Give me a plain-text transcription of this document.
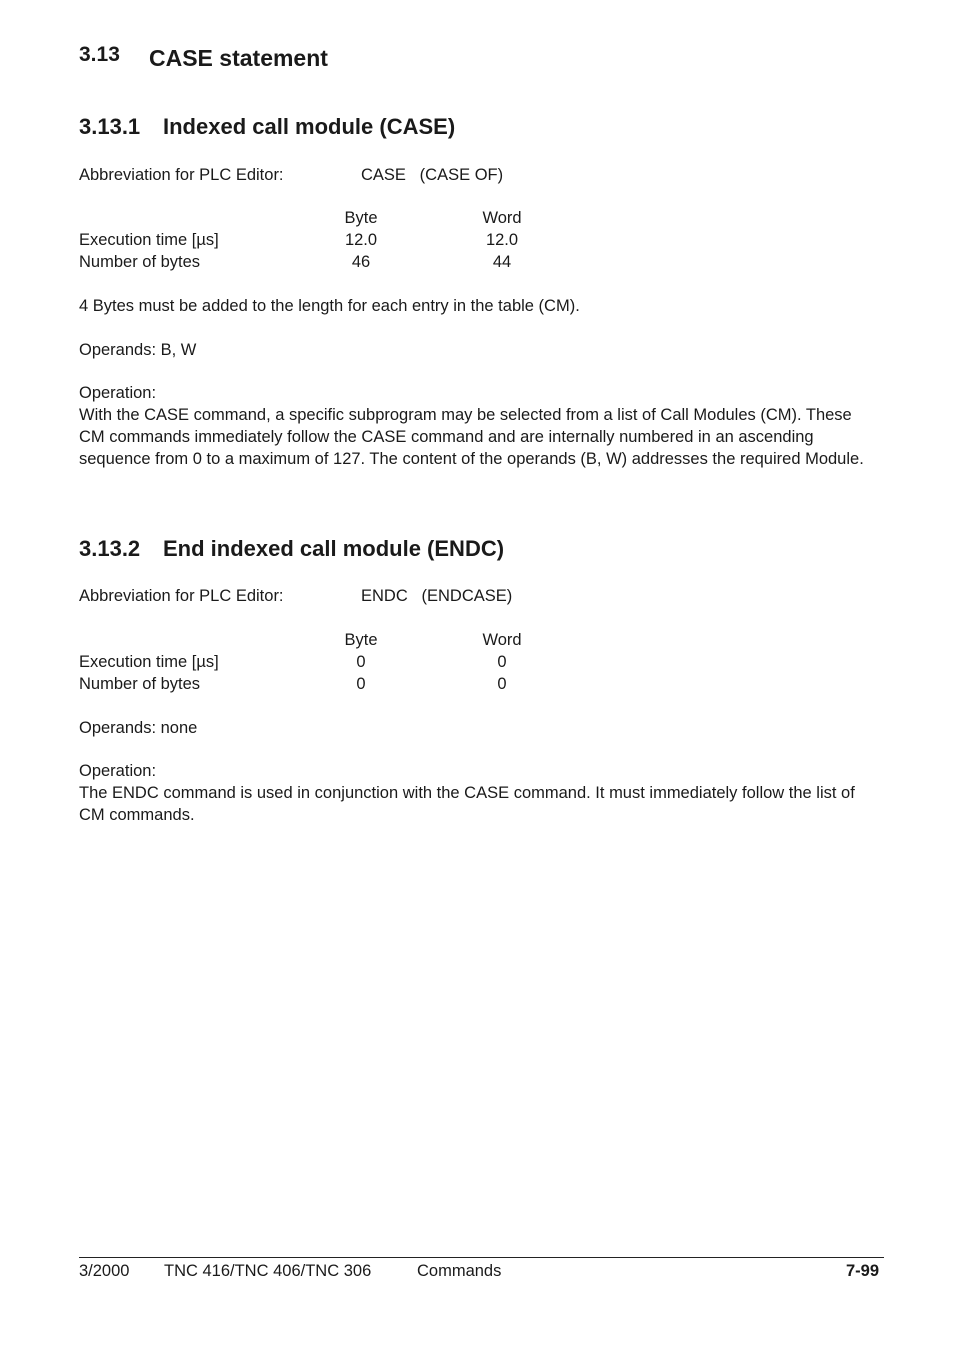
3.13 CASE statement
3.13.1 Indexed call module (CASE)
Abbreviation for PLC Editor:	CASE   (CASE OF)
Byte	Word
Execution time [µs]	12.0	12.0
Number of bytes	46	44
4 Bytes must be added to the length for each entry in the table (CM).
Operands: B, W
Operation:
With the CASE command, a specific subprogram may be selected from a list of Call Modules (CM). These CM commands immediately follow the CASE command and are internally numbered in an ascending sequence from 0 to a maximum of 127. The content of the operands (B, W) addresses the required Module.
3.13.2 End indexed call module (ENDC)
Abbreviation for PLC Editor:	ENDC   (ENDCASE)
Byte	Word
Execution time [µs]	0	0
Number of bytes	0	0
Operands: none
Operation:
The ENDC command is used in conjunction with the CASE command. It must immediately follow the list of CM commands.
3/2000 TNC 416/TNC 406/TNC 306	Commands	7-99
